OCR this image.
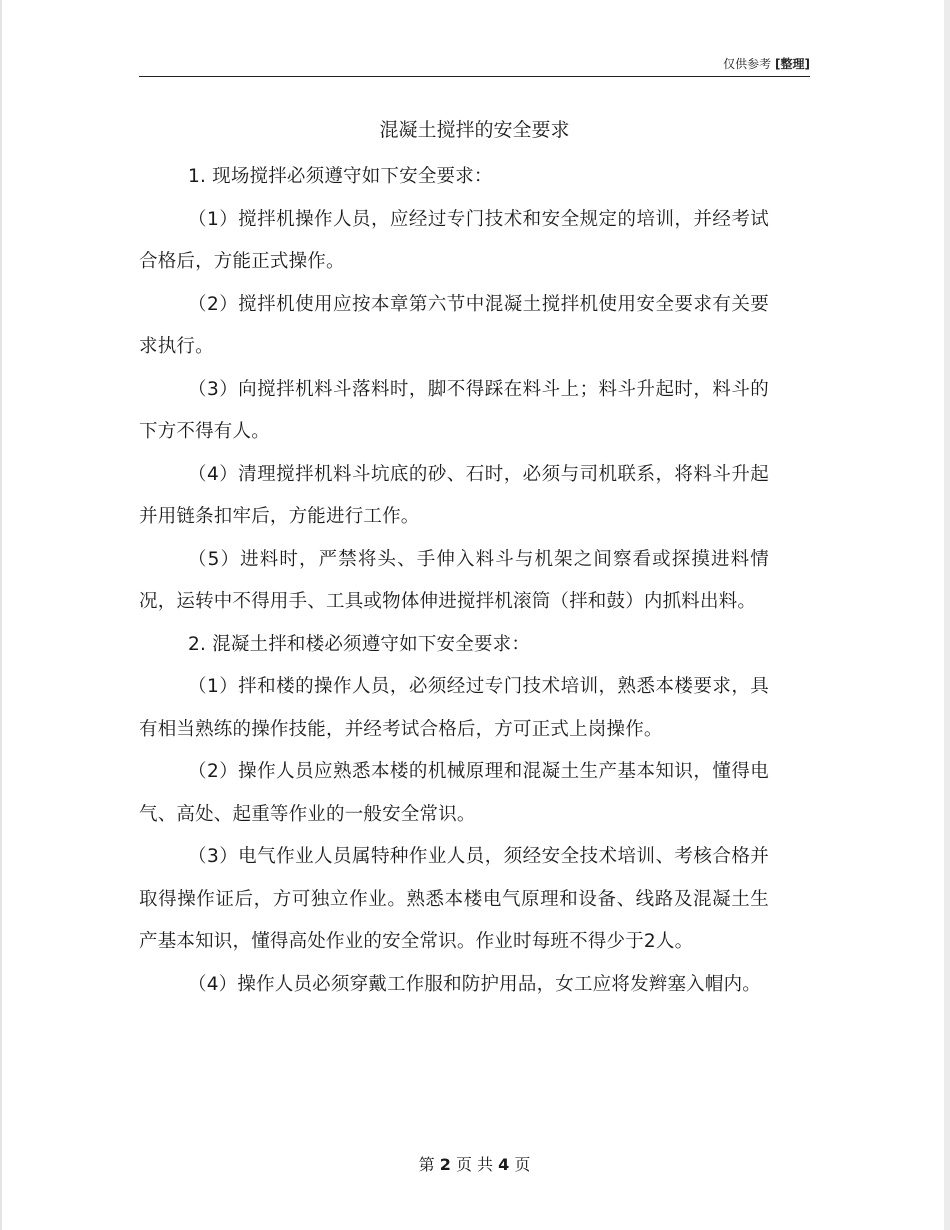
仅供参考 [整理]
混凝土搅拌的安全要求

1. 现场搅拌必须遵守如下安全要求：

（1）搅拌机操作人员，应经过专门技术和安全规定的培训，并经考试合格后，方能正式操作。

（2）搅拌机使用应按本章第六节中混凝土搅拌机使用安全要求有关要求执行。

（3）向搅拌机料斗落料时，脚不得踩在料斗上；料斗升起时，料斗的下方不得有人。

（4）清理搅拌机料斗坑底的砂、石时，必须与司机联系，将料斗升起并用链条扣牢后，方能进行工作。

（5）进料时，严禁将头、手伸入料斗与机架之间察看或探摸进料情况，运转中不得用手、工具或物体伸进搅拌机滚筒（拌和鼓）内抓料出料。

2. 混凝土拌和楼必须遵守如下安全要求：

（1）拌和楼的操作人员，必须经过专门技术培训，熟悉本楼要求，具有相当熟练的操作技能，并经考试合格后，方可正式上岗操作。

（2）操作人员应熟悉本楼的机械原理和混凝土生产基本知识，懂得电气、高处、起重等作业的一般安全常识。

（3）电气作业人员属特种作业人员，须经安全技术培训、考核合格并取得操作证后，方可独立作业。熟悉本楼电气原理和设备、线路及混凝土生产基本知识，懂得高处作业的安全常识。作业时每班不得少于2人。

（4）操作人员必须穿戴工作服和防护用品，女工应将发辫塞入帽内。

第 2 页 共 4 页
